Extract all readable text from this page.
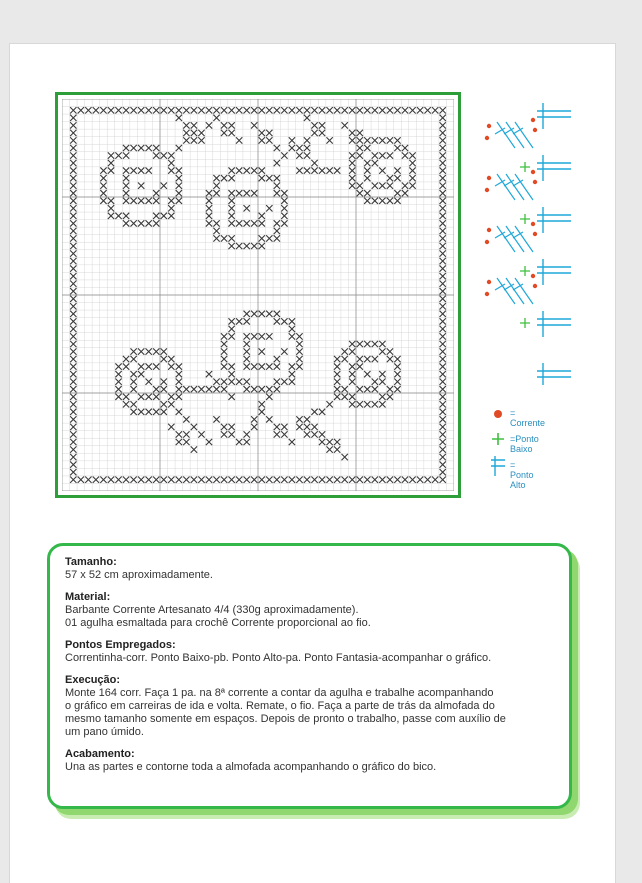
= Corrente
=Ponto Baixo
= Ponto Alto

Tamanho:

57 x 52 cm aproximadamente.

Material:

Barbante Corrente Artesanato 4/4 (330g aproximadamente).

01 agulha esmaltada para crochê Corrente proporcional ao fio.

Pontos Empregados:

Correntinha-corr. Ponto Baixo-pb. Ponto Alto-pa. Ponto Fantasia-acompanhar o gráfico.

Execução:

Monte 164 corr. Faça 1 pa. na 8ª corrente a contar da agulha e trabalhe acompanhando

o gráfico em carreiras de ida e volta. Remate, o fio. Faça a parte de trás da almofada do

mesmo tamanho somente em espaços. Depois de pronto o trabalho, passe com auxílio de

um pano úmido.

Acabamento:

Una as partes e contorne toda a almofada acompanhando o gráfico do bico.
